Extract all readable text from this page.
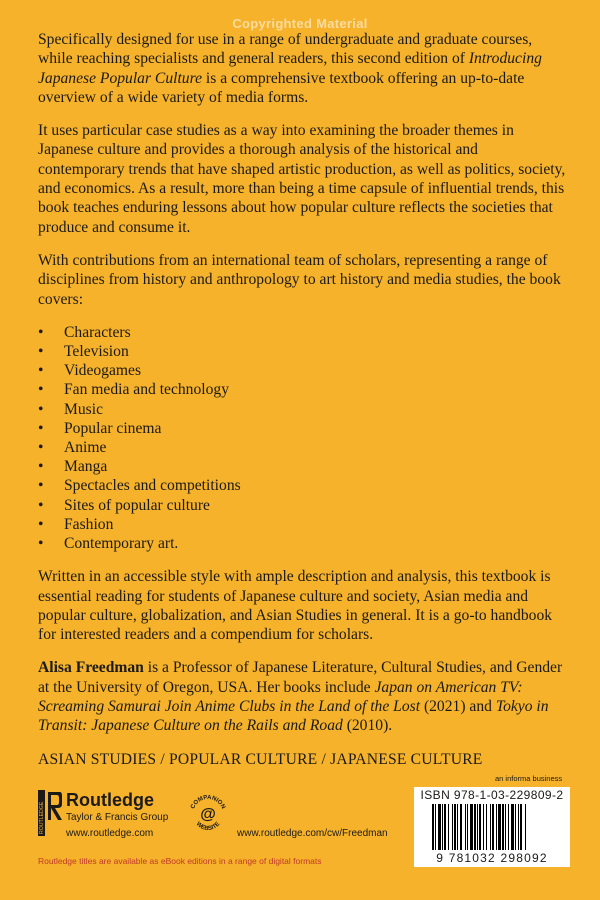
Copyrighted Material

Specifically designed for use in a range of undergraduate and graduate courses, while reaching specialists and general readers, this second edition of Introducing Japanese Popular Culture is a comprehensive textbook offering an up-to-date overview of a wide variety of media forms.

It uses particular case studies as a way into examining the broader themes in Japanese culture and provides a thorough analysis of the historical and contemporary trends that have shaped artistic production, as well as politics, society, and economics. As a result, more than being a time capsule of influential trends, this book teaches enduring lessons about how popular culture reflects the societies that produce and consume it.

With contributions from an international team of scholars, representing a range of disciplines from history and anthropology to art history and media studies, the book covers:

• Characters
• Television
• Videogames
• Fan media and technology
• Music
• Popular cinema
• Anime
• Manga
• Spectacles and competitions
• Sites of popular culture
• Fashion
• Contemporary art.

Written in an accessible style with ample description and analysis, this textbook is essential reading for students of Japanese culture and society, Asian media and popular culture, globalization, and Asian Studies in general. It is a go-to handbook for interested readers and a compendium for scholars.

Alisa Freedman is a Professor of Japanese Literature, Cultural Studies, and Gender at the University of Oregon, USA. Her books include Japan on American TV: Screaming Samurai Join Anime Clubs in the Land of the Lost (2021) and Tokyo in Transit: Japanese Culture on the Rails and Road (2010).

ASIAN STUDIES / POPULAR CULTURE / JAPANESE CULTURE

ROUTLEDGE
Routledge
Taylor & Francis Group
www.routledge.com
COMPANION
WEBSITE
@
www.routledge.com/cw/Freedman
an informa business
ISBN 978-1-03-229809-2
9 781032 298092
Routledge titles are available as eBook editions in a range of digital formats
